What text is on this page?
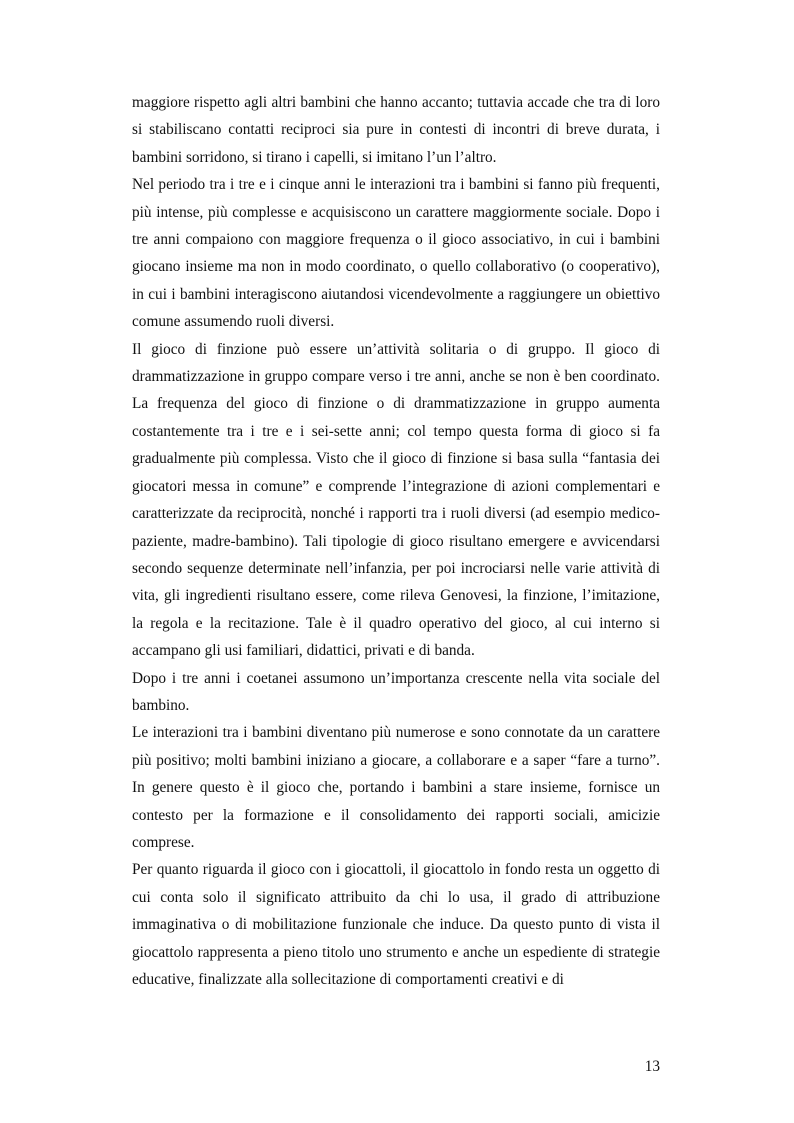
maggiore rispetto agli altri bambini che hanno accanto; tuttavia accade che tra di loro si stabiliscano contatti reciproci sia pure in contesti di incontri di breve durata, i bambini sorridono, si tirano i capelli, si imitano l’un l’altro.

Nel periodo tra i tre e i cinque anni le interazioni tra i bambini si fanno più frequenti, più intense, più complesse e acquisiscono un carattere maggiormente sociale. Dopo i tre anni compaiono con maggiore frequenza o il gioco associativo, in cui i bambini giocano insieme ma non in modo coordinato, o quello collaborativo (o cooperativo), in cui i bambini interagiscono aiutandosi vicendevolmente a raggiungere un obiettivo comune assumendo ruoli diversi.

Il gioco di finzione può essere un’attività solitaria o di gruppo. Il gioco di drammatizzazione in gruppo compare verso i tre anni, anche se non è ben coordinato. La frequenza del gioco di finzione o di drammatizzazione in gruppo aumenta costantemente tra i tre e i sei-sette anni; col tempo questa forma di gioco si fa gradualmente più complessa. Visto che il gioco di finzione si basa sulla “fantasia dei giocatori messa in comune” e comprende l’integrazione di azioni complementari e caratterizzate da reciprocità, nonché i rapporti tra i ruoli diversi (ad esempio medico-paziente, madre-bambino). Tali tipologie di gioco risultano emergere e avvicendarsi secondo sequenze determinate nell’infanzia, per poi incrociarsi nelle varie attività di vita, gli ingredienti risultano essere, come rileva Genovesi, la finzione, l’imitazione, la regola e la recitazione. Tale è il quadro operativo del gioco, al cui interno si accampano gli usi familiari, didattici, privati e di banda.

Dopo i tre anni i coetanei assumono un’importanza crescente nella vita sociale del bambino.

Le interazioni tra i bambini diventano più numerose e sono connotate da un carattere più positivo; molti bambini iniziano a giocare, a collaborare e a saper “fare a turno”. In genere questo è il gioco che, portando i bambini a stare insieme, fornisce un contesto per la formazione e il consolidamento dei rapporti sociali, amicizie comprese.

Per quanto riguarda il gioco con i giocattoli, il giocattolo in fondo resta un oggetto di cui conta solo il significato attribuito da chi lo usa, il grado di attribuzione immaginativa o di mobilitazione funzionale che induce. Da questo punto di vista il giocattolo rappresenta a pieno titolo uno strumento e anche un espediente di strategie educative, finalizzate alla sollecitazione di comportamenti creativi e di

13
